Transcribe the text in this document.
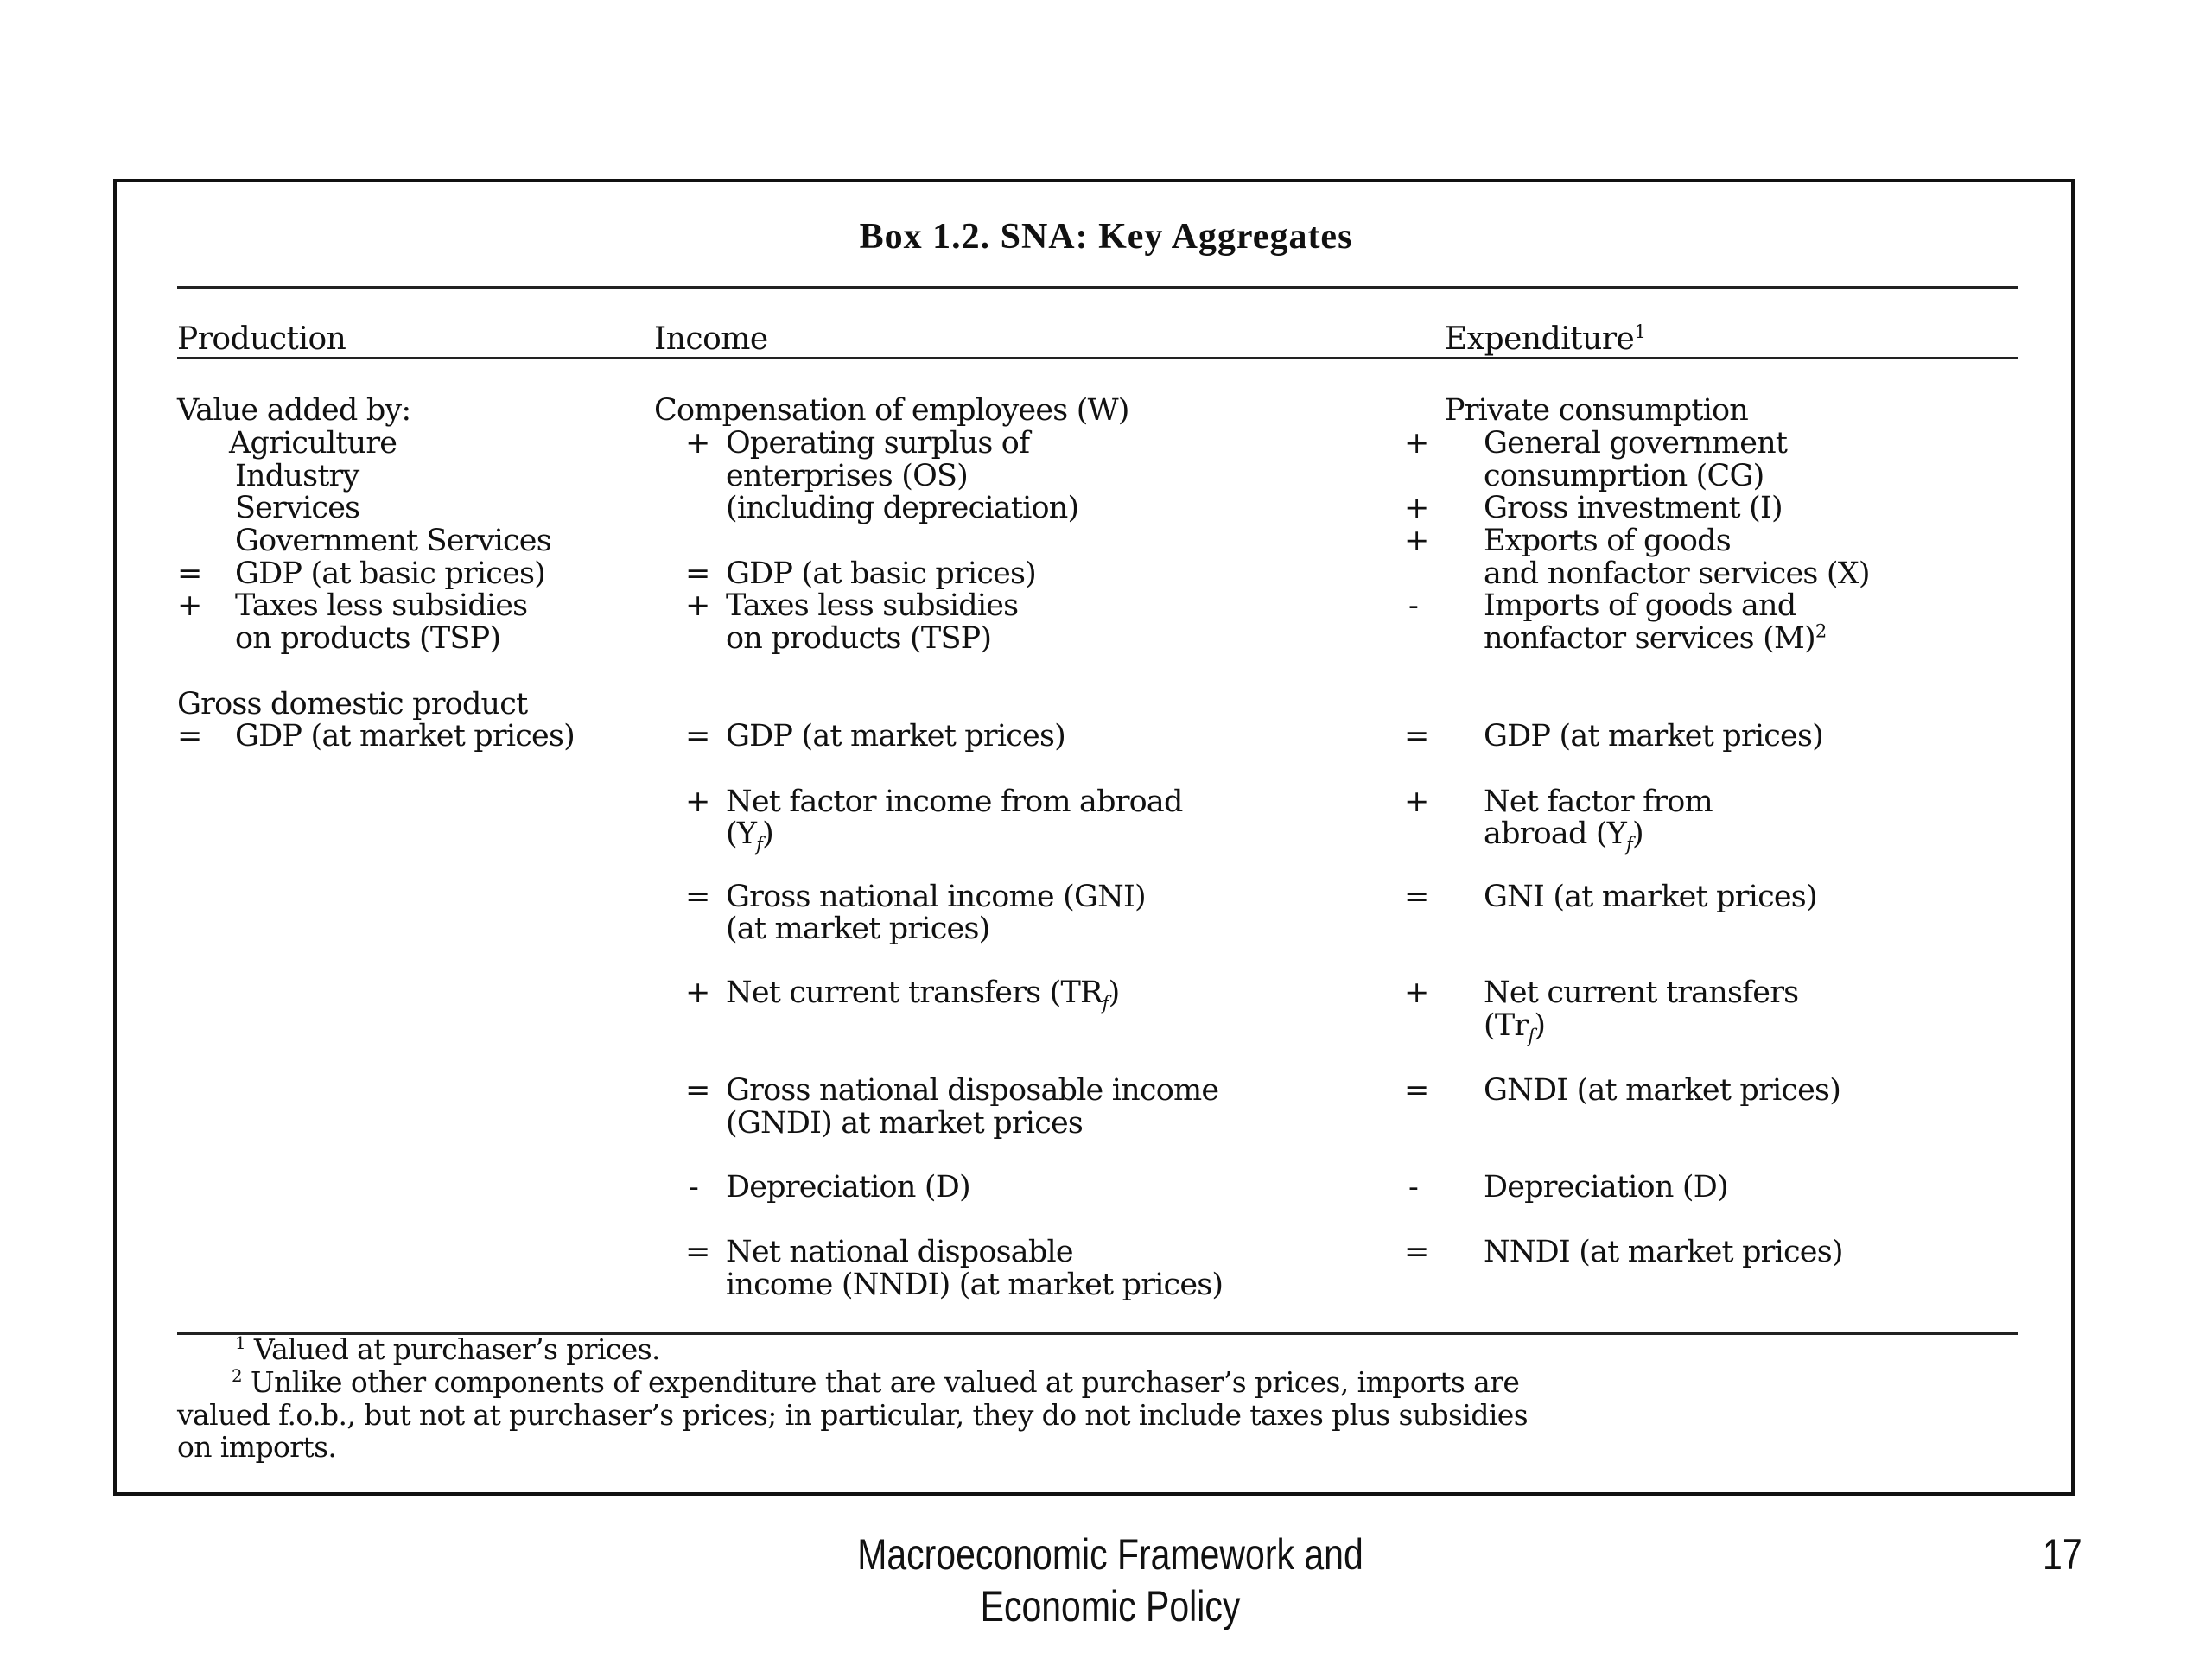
Box 1.2. SNA: Key Aggregates
Production	Income	Expenditure$^1$
Value added by:
Agriculture
Industry
Services
Government Services
= GDP (at basic prices)
+ Taxes less subsidies
on products (TSP)
Gross domestic product
= GDP (at market prices)
Compensation of employees (W)
+ Operating surplus of
enterprises (OS)
(including depreciation)
= GDP (at basic prices)
+ Taxes less subsidies
on products (TSP)
= GDP (at market prices)
+ Net factor income from abroad
$(Y_f)$
= Gross national income (GNI)
(at market prices)
+ Net current transfers $(TR_f)$
= Gross national disposable income
(GNDI) at market prices
- Depreciation (D)
= Net national disposable
income (NNDI) (at market prices)
Private consumption
+ General government
consumprtion (CG)
+ Gross investment (I)
+ Exports of goods
and nonfactor services (X)
- Imports of goods and
nonfactor services $(M)^2$
= GDP (at market prices)
+ Net factor from
abroad $(Y_f)$
= GNI (at market prices)
+ Net current transfers
$(Tr_f)$
= GNDI (at market prices)
- Depreciation (D)
= NNDI (at market prices)
$^1$ Valued at purchaser’s prices.
$^2$ Unlike other components of expenditure that are valued at purchaser’s prices, imports are
valued f.o.b., but not at purchaser’s prices; in particular, they do not include taxes plus subsidies
on imports.
Macroeconomic Framework and
Economic Policy
17
